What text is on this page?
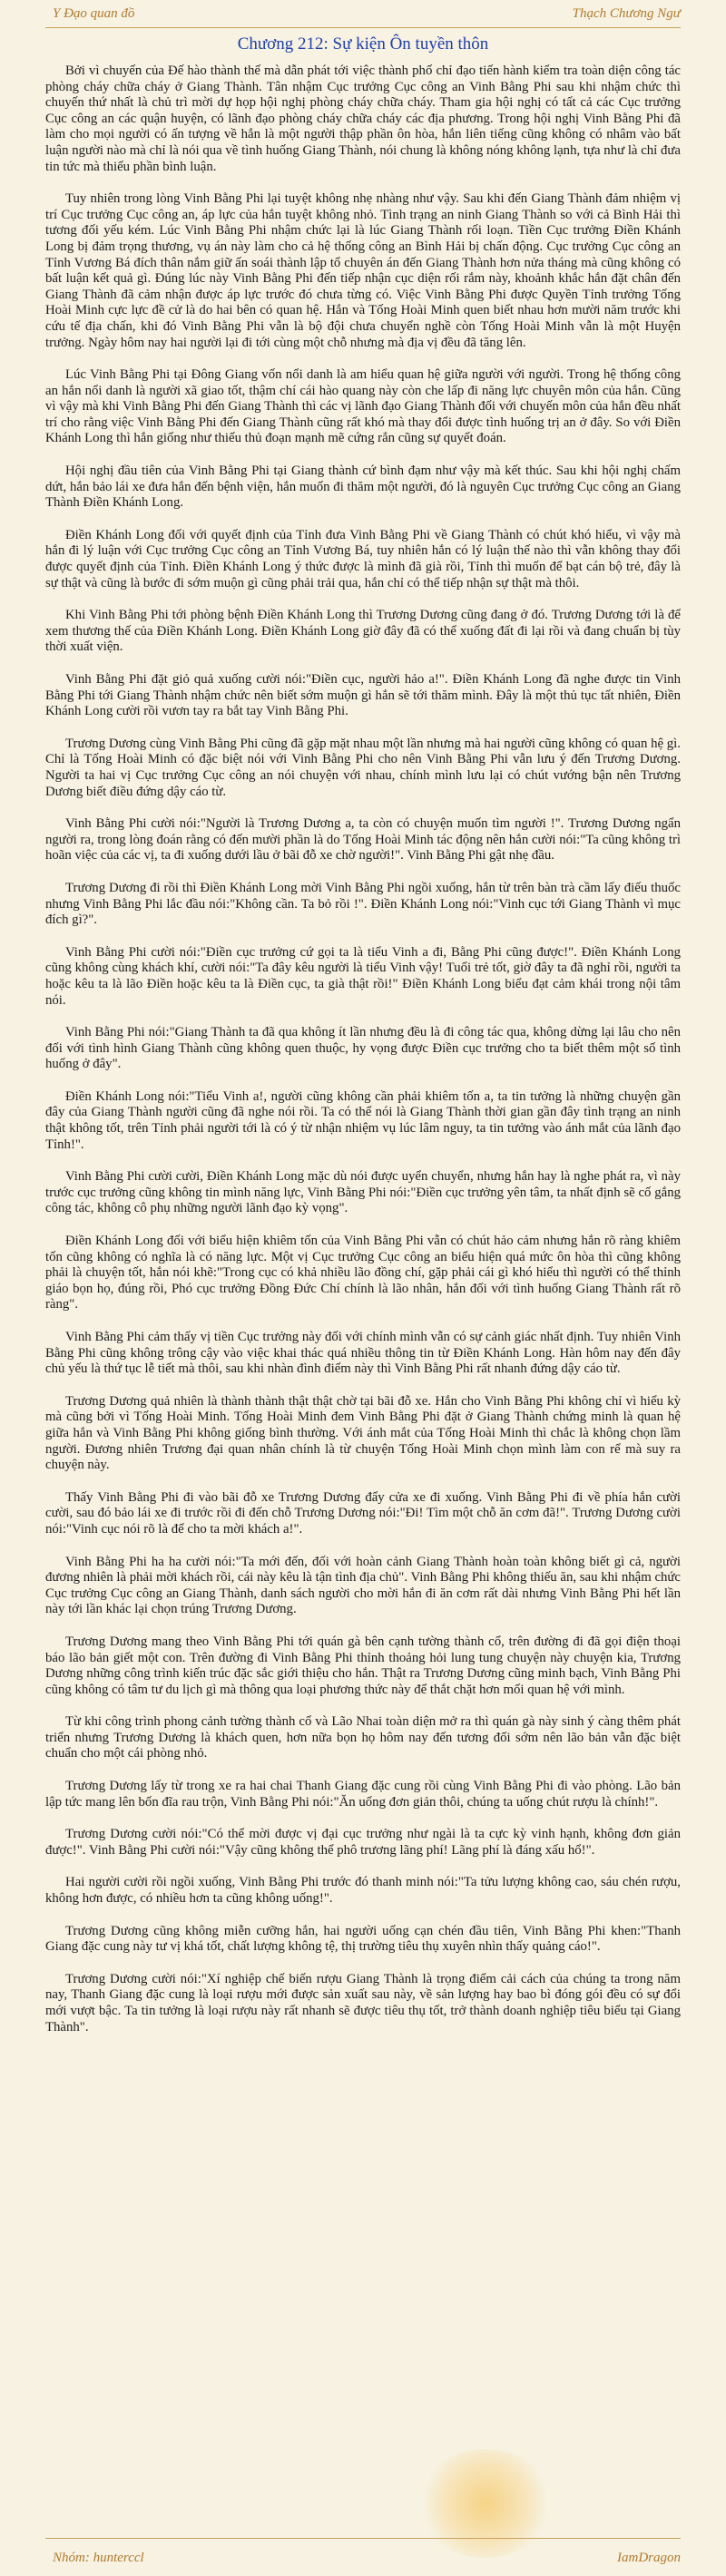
Y Đạo quan đồ	Thạch Chương Ngư
Chương 212: Sự kiện Ôn tuyền thôn

Bởi vì chuyến của Đế hào thành thế mà dẫn phát tới việc thành phố chỉ đạo tiến hành kiểm tra toàn diện công tác phòng cháy chữa cháy ở Giang Thành. Tân nhậm Cục trưởng Cục công an Vinh Bằng Phi sau khi nhậm chức thì chuyến thứ nhất là chủ trì mời dự họp hội nghị phòng cháy chữa cháy. Tham gia hội nghị có tất cả các Cục trưởng Cục công an các quận huyện, có lãnh đạo phòng cháy chữa cháy các địa phương. Trong hội nghị Vinh Bằng Phi đã làm cho mọi người có ấn tượng về hắn là một người thập phần ôn hòa, hắn liên tiếng cũng không có nhâm vào bất luận người nào mà chỉ là nói qua về tình huống Giang Thành, nói chung là không nóng không lạnh, tựa như là chỉ đưa tin tức mà thiếu phần bình luận.

Tuy nhiên trong lòng Vinh Bằng Phi lại tuyệt không nhẹ nhàng như vậy. Sau khi đến Giang Thành đảm nhiệm vị trí Cục trưởng Cục công an, áp lực của hắn tuyệt không nhỏ. Tình trạng an ninh Giang Thành so với cả Bình Hải thì tương đối yếu kém. Lúc Vinh Bằng Phi nhậm chức lại là lúc Giang Thành rối loạn. Tiền Cục trưởng Điền Khánh Long bị đảm trọng thương, vụ án này làm cho cả hệ thống công an Bình Hải bị chấn động. Cục trưởng Cục công an Tỉnh Vương Bá đích thân nắm giữ ấn soái thành lập tổ chuyên án đến Giang Thành hơn nửa tháng mà cũng không có bất luận kết quả gì. Đúng lúc này Vinh Bằng Phi đến tiếp nhận cục diện rối rắm này, khoảnh khắc hắn đặt chân đến Giang Thành đã cảm nhận được áp lực trước đó chưa từng có. Việc Vinh Bằng Phi được Quyền Tỉnh trưởng Tống Hoài Minh cực lực đề cử là do hai bên có quan hệ. Hắn và Tống Hoài Minh quen biết nhau hơn mười năm trước khi cứu tế địa chấn, khi đó Vinh Bằng Phi vẫn là bộ đội chưa chuyển nghề còn Tống Hoài Minh vẫn là một Huyện trưởng. Ngày hôm nay hai người lại đi tới cùng một chỗ nhưng mà địa vị đều đã tăng lên.

Lúc Vinh Bằng Phi tại Đông Giang vốn nổi danh là am hiểu quan hệ giữa người với người. Trong hệ thống công an hắn nổi danh là người xã giao tốt, thậm chí cái hào quang này còn che lấp đi năng lực chuyên môn của hắn. Cũng vì vậy mà khi Vinh Bằng Phi đến Giang Thành thì các vị lãnh đạo Giang Thành đối với chuyến môn của hắn đều nhất trí cho rằng việc Vinh Bằng Phi đến Giang Thành cũng rất khó mà thay đổi được tình huống trị an ở đây. So với Điền Khánh Long thì hắn giống như thiếu thủ đoạn mạnh mẽ cứng rắn cũng sự quyết đoán.

Hội nghị đầu tiên của Vinh Bằng Phi tại Giang thành cứ bình đạm như vậy mà kết thúc. Sau khi hội nghị chấm dứt, hắn bảo lái xe đưa hắn đến bệnh viện, hắn muốn đi thăm một người, đó là nguyên Cục trưởng Cục công an Giang Thành Điền Khánh Long.

Điền Khánh Long đối với quyết định của Tỉnh đưa Vinh Bằng Phi về Giang Thành có chút khó hiểu, vì vậy mà hắn đi lý luận với Cục trưởng Cục công an Tỉnh Vương Bá, tuy nhiên hắn có lý luận thế nào thì vẫn không thay đổi được quyết định của Tỉnh. Điền Khánh Long ý thức được là mình đã già rồi, Tỉnh thì muốn để bạt cán bộ trẻ, đây là sự thật và cũng là bước đi sớm muộn gì cũng phải trải qua, hắn chỉ có thể tiếp nhận sự thật mà thôi.

Khi Vinh Bằng Phi tới phòng bệnh Điền Khánh Long thì Trương Dương cũng đang ở đó. Trương Dương tới là để xem thương thế của Điền Khánh Long. Điền Khánh Long giờ đây đã có thể xuống đất đi lại rồi và đang chuẩn bị tùy thời xuất viện.

Vinh Bằng Phi đặt giỏ quả xuống cười nói:"Điền cục, người hảo a!". Điền Khánh Long đã nghe được tin Vinh Bằng Phi tới Giang Thành nhậm chức nên biết sớm muộn gì hắn sẽ tới thăm mình. Đây là một thủ tục tất nhiên, Điền Khánh Long cười rồi vươn tay ra bắt tay Vinh Bằng Phi.

Trương Dương cùng Vinh Bằng Phi cũng đã gặp mặt nhau một lần nhưng mà hai người cũng không có quan hệ gì. Chỉ là Tống Hoài Minh có đặc biệt nói với Vinh Bằng Phi cho nên Vinh Bằng Phi vẫn lưu ý đến Trương Dương. Người ta hai vị Cục trưởng Cục công an nói chuyện với nhau, chính mình lưu lại có chút vướng bận nên Trương Dương biết điều đứng dậy cáo từ.

Vinh Bằng Phi cười nói:"Người là Trương Dương a, ta còn có chuyện muốn tìm người !". Trương Dương ngẩn người ra, trong lòng đoán rằng có đến mười phần là do Tống Hoài Minh tác động nên hắn cười nói:"Ta cũng không trì hoãn việc của các vị, ta đi xuống dưới lầu ở bãi đỗ xe chờ người!". Vinh Bằng Phi gật nhẹ đầu.

Trương Dương đi rồi thì Điền Khánh Long mời Vinh Bằng Phi ngồi xuống, hắn từ trên bàn trà cầm lấy điếu thuốc nhưng Vinh Bằng Phi lắc đầu nói:"Không cần. Ta bỏ rồi !". Điền Khánh Long nói:"Vinh cục tới Giang Thành vì mục đích gì?".

Vinh Bằng Phi cười nói:"Điền cục trưởng cứ gọi ta là tiểu Vinh a đi, Bằng Phi cũng được!". Điền Khánh Long cũng không cùng khách khí, cười nói:"Ta đây kêu người là tiểu Vinh vậy! Tuổi trẻ tốt, giờ đây ta đã nghỉ rồi, người ta hoặc kêu ta là lão Điền hoặc kêu ta là Điền cục, ta già thật rồi!" Điền Khánh Long biểu đạt cảm khái trong nội tâm nói.

Vinh Bằng Phi nói:"Giang Thành ta đã qua không ít lần nhưng đều là đi công tác qua, không dừng lại lâu cho nên đối với tình hình Giang Thành cũng không quen thuộc, hy vọng được Điền cục trưởng cho ta biết thêm một số tình huống ở đây".

Điền Khánh Long nói:"Tiểu Vinh a!, người cũng không cần phải khiêm tốn a, ta tin tưởng là những chuyện gần đây của Giang Thành người cũng đã nghe nói rồi. Ta có thể nói là Giang Thành thời gian gần đây tình trạng an ninh thật không tốt, trên Tỉnh phải người tới là có ý từ nhận nhiệm vụ lúc lâm nguy, ta tin tưởng vào ánh mắt của lãnh đạo Tỉnh!".

Vinh Bằng Phi cười cười, Điền Khánh Long mặc dù nói được uyển chuyển, nhưng hắn hay là nghe phát ra, vì này trước cục trưởng cũng không tin mình năng lực, Vinh Bằng Phi nói:"Điền cục trưởng yên tâm, ta nhất định sẽ cố gắng công tác, không cô phụ những người lãnh đạo kỳ vọng".

Điền Khánh Long đối với biểu hiện khiêm tốn của Vinh Bằng Phi vẫn có chút hảo cảm nhưng hắn rõ ràng khiêm tốn cũng không có nghĩa là có năng lực. Một vị Cục trưởng Cục công an biểu hiện quá mức ôn hòa thì cũng không phải là chuyện tốt, hắn nói khẽ:"Trong cục có khả nhiều lão đồng chí, gặp phải cái gì khó hiểu thì người có thể thỉnh giáo bọn họ, đúng rồi, Phó cục trưởng Đồng Đức Chí chính là lão nhân, hắn đối với tình huống Giang Thành rất rõ ràng".

Vinh Bằng Phi cảm thấy vị tiền Cục trưởng này đối với chính mình vẫn có sự cảnh giác nhất định. Tuy nhiên Vinh Bằng Phi cũng không trông cậy vào việc khai thác quá nhiều thông tin từ Điền Khánh Long. Hàn hôm nay đến đây chủ yếu là thứ tục lễ tiết mà thôi, sau khi nhàn đình điểm này thì Vinh Bằng Phi rất nhanh đứng dậy cáo từ.

Trương Dương quả nhiên là thành thành thật thật chờ tại bãi đỗ xe. Hắn cho Vinh Bằng Phi không chỉ vì hiểu kỳ mà cũng bởi vì Tống Hoài Minh. Tống Hoài Minh đem Vinh Bằng Phi đặt ở Giang Thành chứng minh là quan hệ giữa hắn và Vinh Bằng Phi không giống bình thường. Với ánh mắt của Tống Hoài Minh thì chắc là không chọn lầm người. Đương nhiên Trương đại quan nhân chính là từ chuyện Tống Hoài Minh chọn mình làm con rể mà suy ra chuyện này.

Thấy Vinh Bằng Phi đi vào bãi đỗ xe Trương Dương đẩy cửa xe đi xuống. Vinh Bằng Phi đi về phía hắn cười cười, sau đó bảo lái xe đi trước rồi đi đến chỗ Trương Dương nói:"Đi! Tìm một chỗ ăn cơm đã!". Trương Dương cười nói:"Vinh cục nói rõ là để cho ta mời khách a!".

Vinh Bằng Phi ha ha cười nói:"Ta mới đến, đối với hoàn cảnh Giang Thành hoàn toàn không biết gì cả, người đương nhiên là phải mời khách rồi, cái này kêu là tận tình địa chủ". Vinh Bằng Phi không thiếu ăn, sau khi nhậm chức Cục trưởng Cục công an Giang Thành, danh sách người cho mời hắn đi ăn cơm rất dài nhưng Vinh Bằng Phi hết lần này tới lần khác lại chọn trúng Trương Dương.

Trương Dương mang theo Vinh Bằng Phi tới quán gà bên cạnh tường thành cổ, trên đường đi đã gọi điện thoại báo lão bản giết một con. Trên đường đi Vinh Bằng Phi thỉnh thoảng hỏi lung tung chuyện này chuyện kia, Trương Dương những công trình kiến trúc đặc sắc giới thiệu cho hắn. Thật ra Trương Dương cũng minh bạch, Vinh Bằng Phi cũng không có tâm tư du lịch gì mà thông qua loại phương thức này để thắt chặt hơn mối quan hệ với mình.

Từ khi công trình phong cảnh tường thành cổ và Lão Nhai toàn diện mở ra thì quán gà này sinh ý càng thêm phát triển nhưng Trương Dương là khách quen, hơn nữa bọn họ hôm nay đến tương đối sớm nên lão bản vẫn đặc biệt chuẩn cho một cái phòng nhỏ.

Trương Dương lấy từ trong xe ra hai chai Thanh Giang đặc cung rồi cùng Vinh Bằng Phi đi vào phòng. Lão bản lập tức mang lên bốn đĩa rau trộn, Vinh Bằng Phi nói:"Ăn uống đơn giản thôi, chúng ta uống chút rượu là chính!".

Trương Dương cười nói:"Có thể mời được vị đại cục trưởng như ngài là ta cực kỳ vinh hạnh, không đơn giản được!". Vinh Bằng Phi cười nói:"Vậy cũng không thể phô trương lãng phí! Lãng phí là đáng xấu hổ!".

Hai người cười rồi ngồi xuống, Vinh Bằng Phi trước đó thanh minh nói:"Ta tửu lượng không cao, sáu chén rượu, không hơn được, có nhiều hơn ta cũng không uống!".

Trương Dương cũng không miễn cưỡng hắn, hai người uống cạn chén đầu tiên, Vinh Bằng Phi khen:"Thanh Giang đặc cung này tư vị khá tốt, chất lượng không tệ, thị trường tiêu thụ xuyên nhìn thấy quảng cáo!".

Trương Dương cười nói:"Xí nghiệp chế biến rượu Giang Thành là trọng điểm cải cách của chúng ta trong năm nay, Thanh Giang đặc cung là loại rượu mới được sản xuất sau này, về sản lượng hay bao bì đóng gói đều có sự đổi mới vượt bậc. Ta tin tưởng là loại rượu này rất nhanh sẽ được tiêu thụ tốt, trở thành doanh nghiệp tiêu biểu tại Giang Thành".

Nhóm: hunterccl	IamDragon
